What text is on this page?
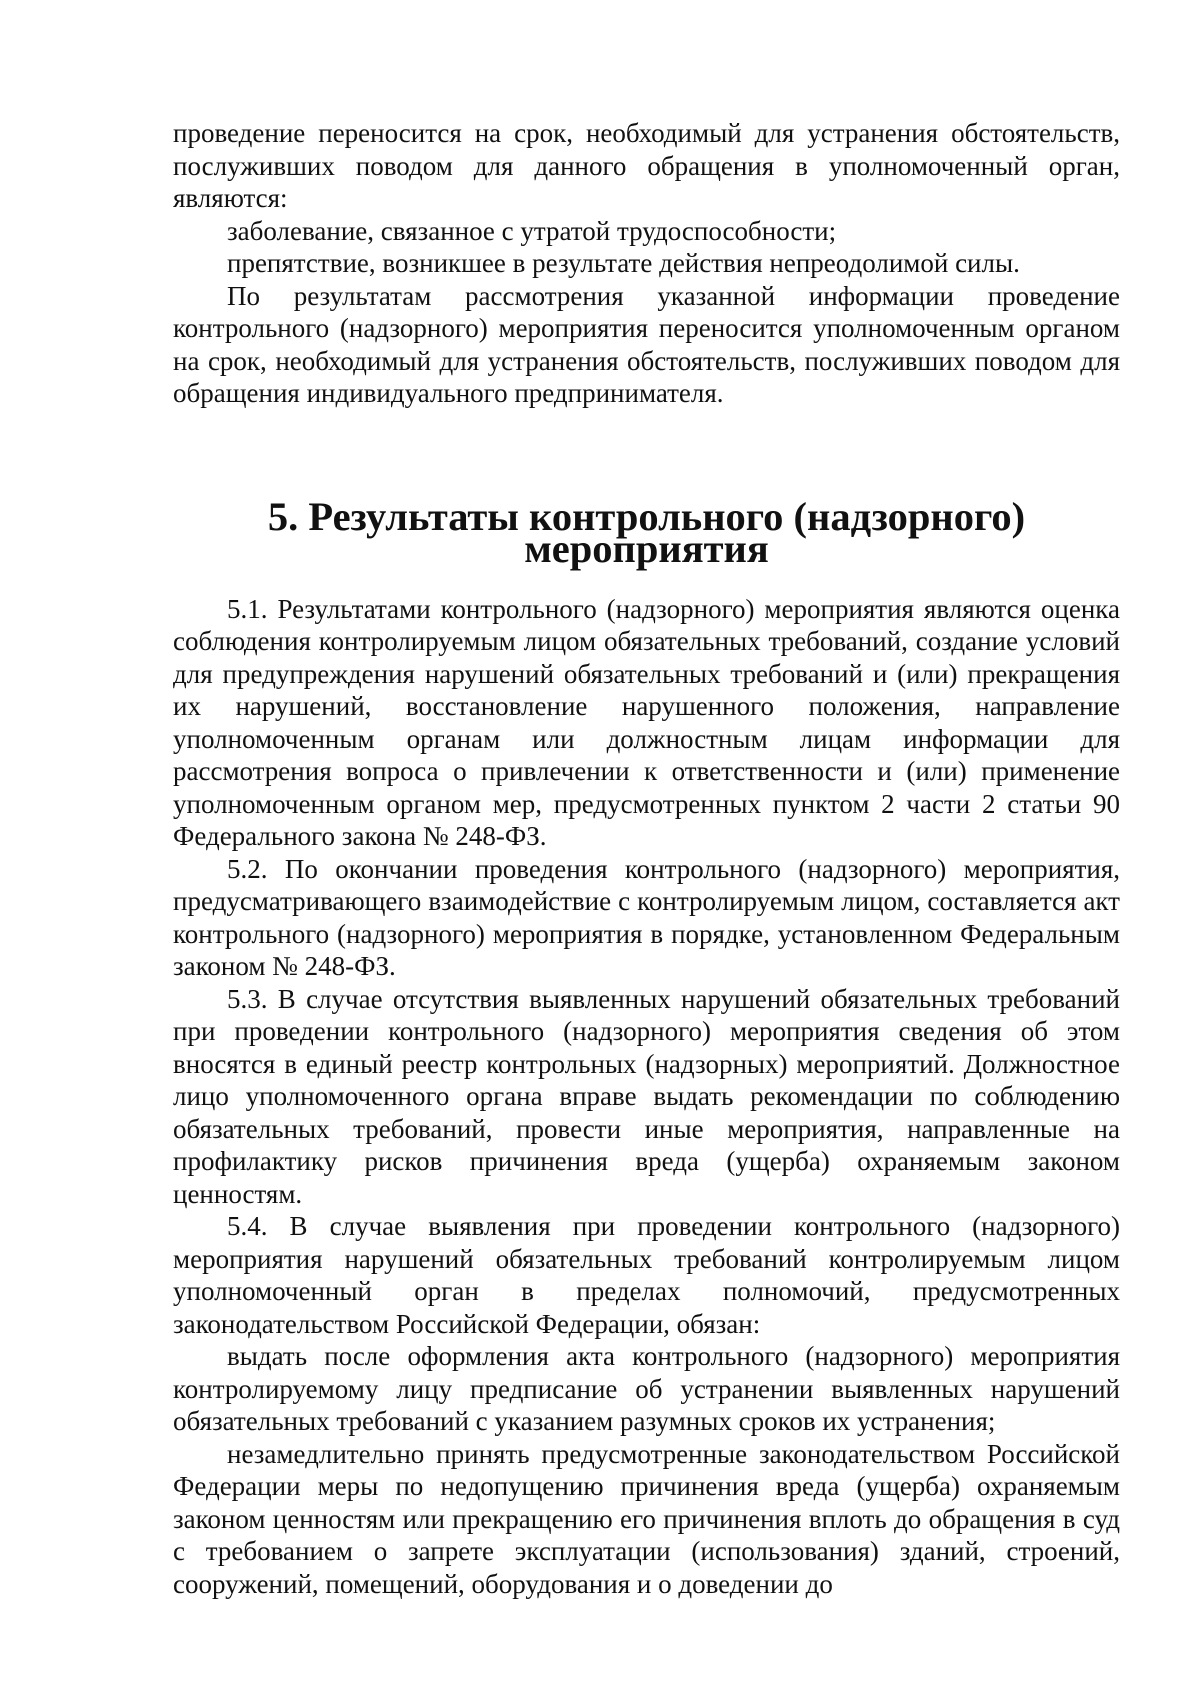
проведение переносится на срок, необходимый для устранения обстоятельств, послуживших поводом для данного обращения в уполномоченный орган, являются:

заболевание, связанное с утратой трудоспособности;

препятствие, возникшее в результате действия непреодолимой силы.

По результатам рассмотрения указанной информации проведение контрольного (надзорного) мероприятия переносится уполномоченным органом на срок, необходимый для устранения обстоятельств, послуживших поводом для обращения индивидуального предпринимателя.

5. Результаты контрольного (надзорного) мероприятия

5.1. Результатами контрольного (надзорного) мероприятия являются оценка соблюдения контролируемым лицом обязательных требований, создание условий для предупреждения нарушений обязательных требований и (или) прекращения их нарушений, восстановление нарушенного положения, направление уполномоченным органам или должностным лицам информации для рассмотрения вопроса о привлечении к ответственности и (или) применение уполномоченным органом мер, предусмотренных пунктом 2 части 2 статьи 90 Федерального закона № 248-ФЗ.

5.2. По окончании проведения контрольного (надзорного) мероприятия, предусматривающего взаимодействие с контролируемым лицом, составляется акт контрольного (надзорного) мероприятия в порядке, установленном Федеральным законом № 248-ФЗ.

5.3. В случае отсутствия выявленных нарушений обязательных требований при проведении контрольного (надзорного) мероприятия сведения об этом вносятся в единый реестр контрольных (надзорных) мероприятий. Должностное лицо уполномоченного органа вправе выдать рекомендации по соблюдению обязательных требований, провести иные мероприятия, направленные на профилактику рисков причинения вреда (ущерба) охраняемым законом ценностям.

5.4. В случае выявления при проведении контрольного (надзорного) мероприятия нарушений обязательных требований контролируемым лицом уполномоченный орган в пределах полномочий, предусмотренных законодательством Российской Федерации, обязан:

выдать после оформления акта контрольного (надзорного) мероприятия контролируемому лицу предписание об устранении выявленных нарушений обязательных требований с указанием разумных сроков их устранения;

незамедлительно принять предусмотренные законодательством Российской Федерации меры по недопущению причинения вреда (ущерба) охраняемым законом ценностям или прекращению его причинения вплоть до обращения в суд с требованием о запрете эксплуатации (использования) зданий, строений, сооружений, помещений, оборудования и о доведении до
